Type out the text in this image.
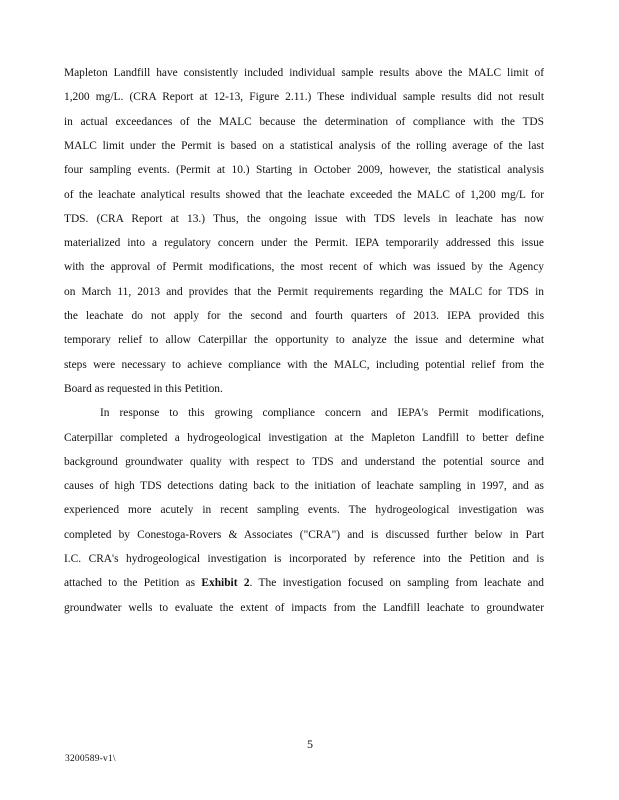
Mapleton Landfill have consistently included individual sample results above the MALC limit of
1,200 mg/L. (CRA Report at 12-13, Figure 2.11.) These individual sample results did not result
in actual exceedances of the MALC because the determination of compliance with the TDS
MALC limit under the Permit is based on a statistical analysis of the rolling average of the last
four sampling events. (Permit at 10.) Starting in October 2009, however, the statistical analysis
of the leachate analytical results showed that the leachate exceeded the MALC of 1,200 mg/L for
TDS. (CRA Report at 13.) Thus, the ongoing issue with TDS levels in leachate has now
materialized into a regulatory concern under the Permit. IEPA temporarily addressed this issue
with the approval of Permit modifications, the most recent of which was issued by the Agency
on March 11, 2013 and provides that the Permit requirements regarding the MALC for TDS in
the leachate do not apply for the second and fourth quarters of 2013. IEPA provided this
temporary relief to allow Caterpillar the opportunity to analyze the issue and determine what
steps were necessary to achieve compliance with the MALC, including potential relief from the
Board as requested in this Petition.
In response to this growing compliance concern and IEPA's Permit modifications,
Caterpillar completed a hydrogeological investigation at the Mapleton Landfill to better define
background groundwater quality with respect to TDS and understand the potential source and
causes of high TDS detections dating back to the initiation of leachate sampling in 1997, and as
experienced more acutely in recent sampling events. The hydrogeological investigation was
completed by Conestoga-Rovers & Associates ("CRA") and is discussed further below in Part
I.C. CRA's hydrogeological investigation is incorporated by reference into the Petition and is
attached to the Petition as Exhibit 2. The investigation focused on sampling from leachate and
groundwater wells to evaluate the extent of impacts from the Landfill leachate to groundwater
5
3200589-v1\
